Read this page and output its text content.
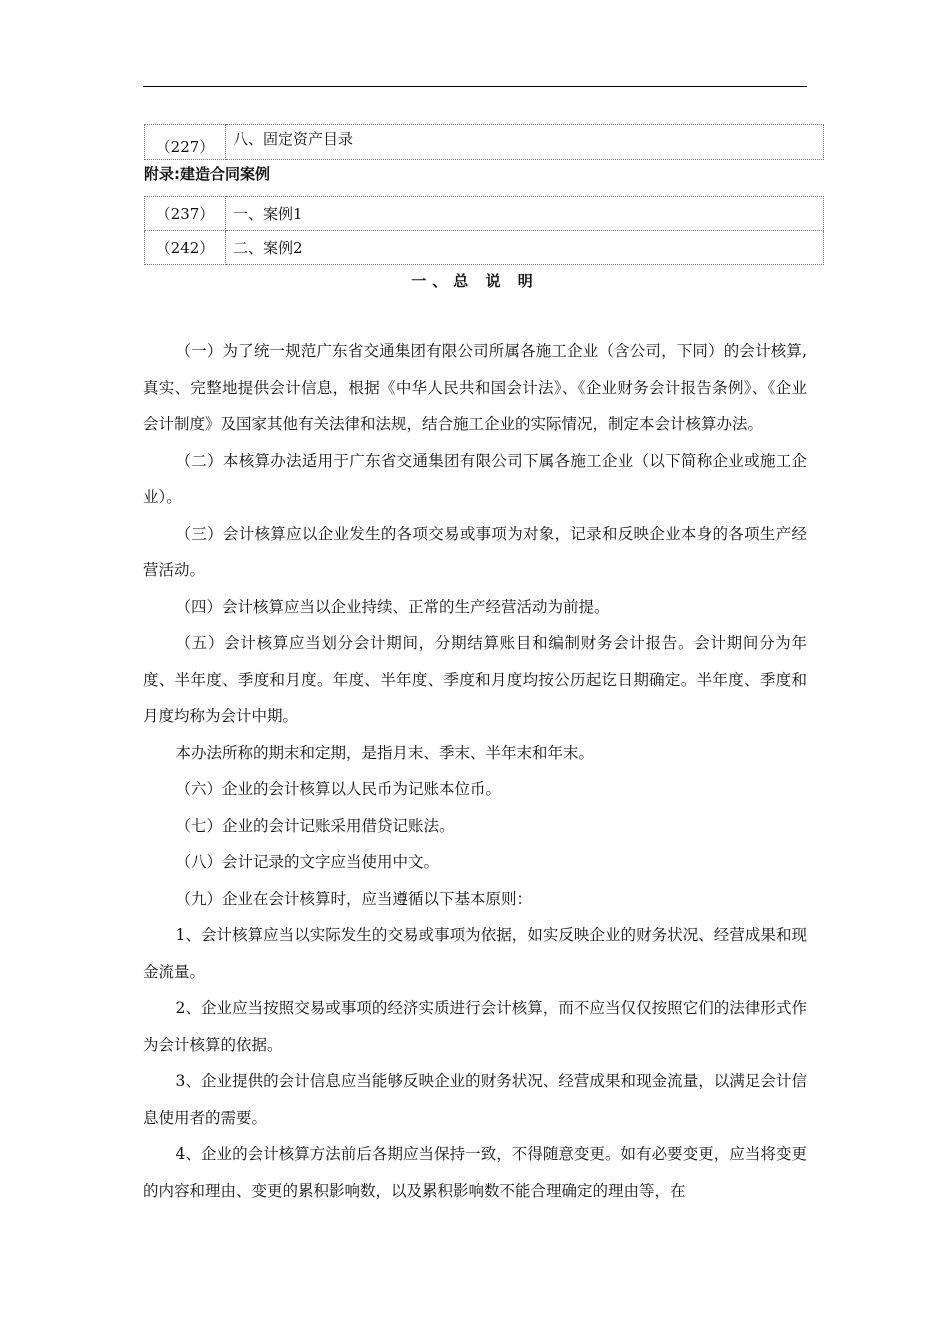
（227）	八、固定资产目录
附录:建造合同案例
（237）	一、案例1
（242）	二、案例2
一、总 说 明

（一）为了统一规范广东省交通集团有限公司所属各施工企业（含公司，下同）的会计核算,真实、完整地提供会计信息，根据《中华人民共和国会计法》、《企业财务会计报告条例》、《企业会计制度》及国家其他有关法律和法规，结合施工企业的实际情况，制定本会计核算办法。

（二）本核算办法适用于广东省交通集团有限公司下属各施工企业（以下简称企业或施工企业）。

（三）会计核算应以企业发生的各项交易或事项为对象，记录和反映企业本身的各项生产经营活动。

（四）会计核算应当以企业持续、正常的生产经营活动为前提。

（五）会计核算应当划分会计期间，分期结算账目和编制财务会计报告。会计期间分为年度、半年度、季度和月度。年度、半年度、季度和月度均按公历起讫日期确定。半年度、季度和月度均称为会计中期。

本办法所称的期末和定期，是指月末、季末、半年末和年末。

（六）企业的会计核算以人民币为记账本位币。

（七）企业的会计记账采用借贷记账法。

（八）会计记录的文字应当使用中文。

（九）企业在会计核算时，应当遵循以下基本原则：

1、会计核算应当以实际发生的交易或事项为依据，如实反映企业的财务状况、经营成果和现金流量。

2、企业应当按照交易或事项的经济实质进行会计核算，而不应当仅仅按照它们的法律形式作为会计核算的依据。

3、企业提供的会计信息应当能够反映企业的财务状况、经营成果和现金流量，以满足会计信息使用者的需要。

4、企业的会计核算方法前后各期应当保持一致，不得随意变更。如有必要变更，应当将变更的内容和理由、变更的累积影响数，以及累积影响数不能合理确定的理由等，在
